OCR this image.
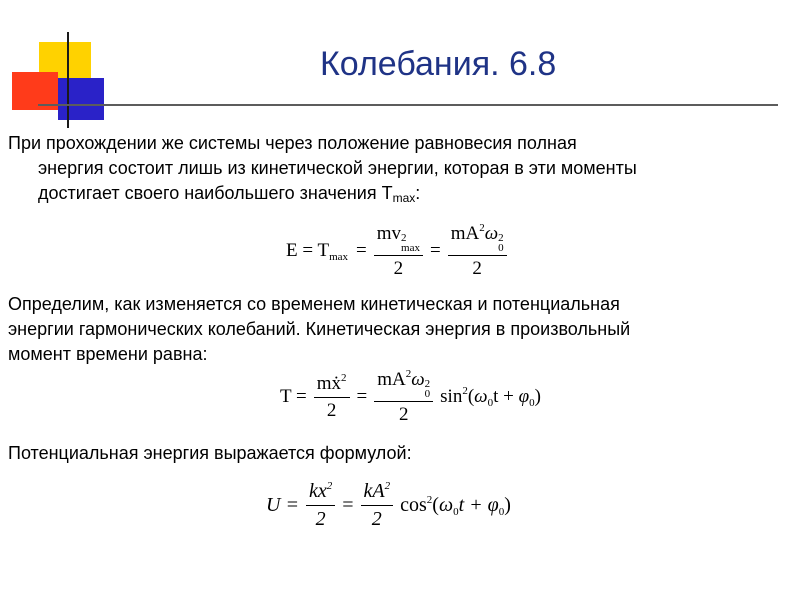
Колебания. 6.8
При прохождении же системы через положение равновесия полная
энергия состоит лишь из кинетической энергии, которая в эти моменты
достигает своего наибольшего значения $T_{max}$:
$E = T_{max}$ = mv 2
max
$2 = mA^2\omega$ 2
0
2
Определим, как изменяется со временем кинетическая и потенциальная
энергии гармонических колебаний. Кинетическая энергия в произвольный
момент времени равна:
$T = \frac{mẋ^2}{2} = mA^2\omega$ 2
0
2 $\sin^2(\omega_0t + \varphi_0)$
Потенциальная энергия выражается формулой:
$U = \frac{kx^2}{2} = \frac{kA^2}{2} \cos^2(\omega_0t + \varphi_0)$
